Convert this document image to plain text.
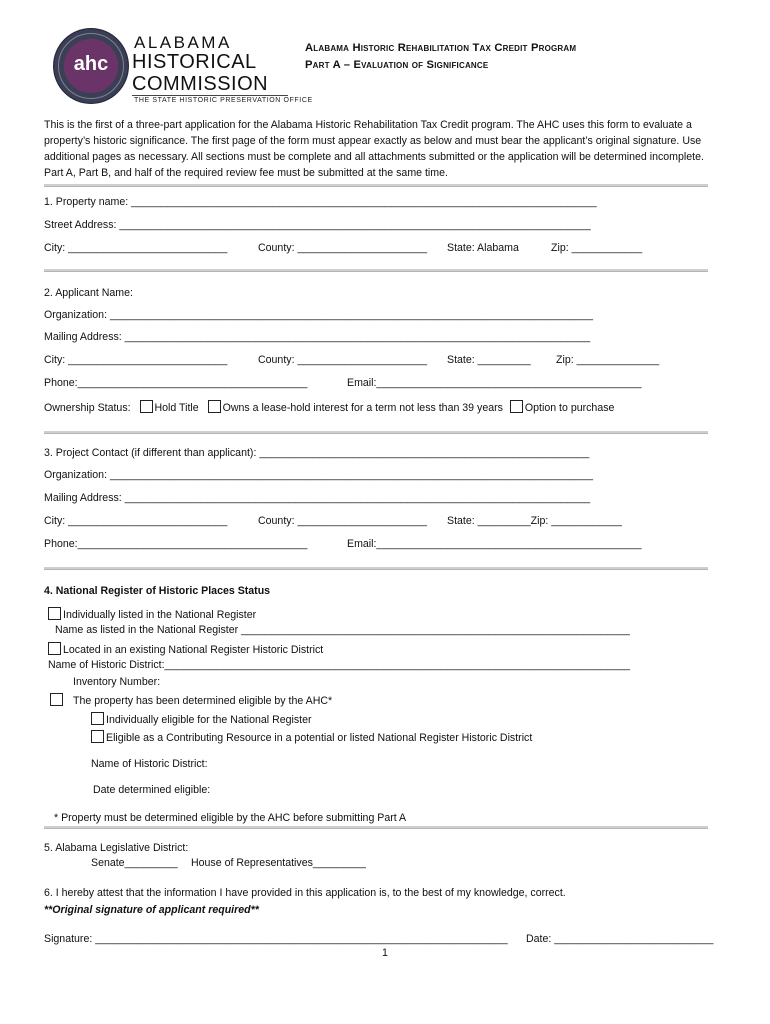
ahc
ALABAMA
HISTORICAL
COMMISSION
THE STATE HISTORIC PRESERVATION OFFICE
Alabama Historic Rehabilitation Tax Credit Program
Part A – Evaluation of Significance
This is the first of a three-part application for the Alabama Historic Rehabilitation Tax Credit program. The AHC uses this form to evaluate a property’s historic significance. The first page of the form must appear exactly as below and must bear the applicant’s original signature. Use additional pages as necessary. All sections must be complete and all attachments submitted or the application will be determined incomplete. Part A, Part B, and half of the required review fee must be submitted at the same time.
1. Property name: _______________________________________________________________________________
Street Address: ________________________________________________________________________________
City: ___________________________	County: ______________________ State: Alabama	Zip: ____________
2. Applicant Name:
Organization: __________________________________________________________________________________
Mailing Address: _______________________________________________________________________________
City: ___________________________	County: ______________________ State: _________ Zip: ______________
Phone:_______________________________________	Email:_____________________________________________
Ownership Status: Hold Title Owns a lease-hold interest for a term not less than 39 years Option to purchase
3. Project Contact (if different than applicant): ________________________________________________________
Organization: __________________________________________________________________________________
Mailing Address: _______________________________________________________________________________
City: ___________________________	County: ______________________ State: _________Zip: ____________
Phone:_______________________________________	Email:_____________________________________________
4. National Register of Historic Places Status
Individually listed in the National Register
Name as listed in the National Register __________________________________________________________________
Located in an existing National Register Historic District
Name of Historic District:_______________________________________________________________________________
Inventory Number:
The property has been determined eligible by the AHC*
Individually eligible for the National Register
Eligible as a Contributing Resource in a potential or listed National Register Historic District
Name of Historic District:
Date determined eligible:
* Property must be determined eligible by the AHC before submitting Part A
5. Alabama Legislative District:
Senate_________ House of Representatives_________
6. I hereby attest that the information I have provided in this application is, to the best of my knowledge, correct.
**Original signature of applicant required**
Signature: ______________________________________________________________________ Date: ___________________________
1
